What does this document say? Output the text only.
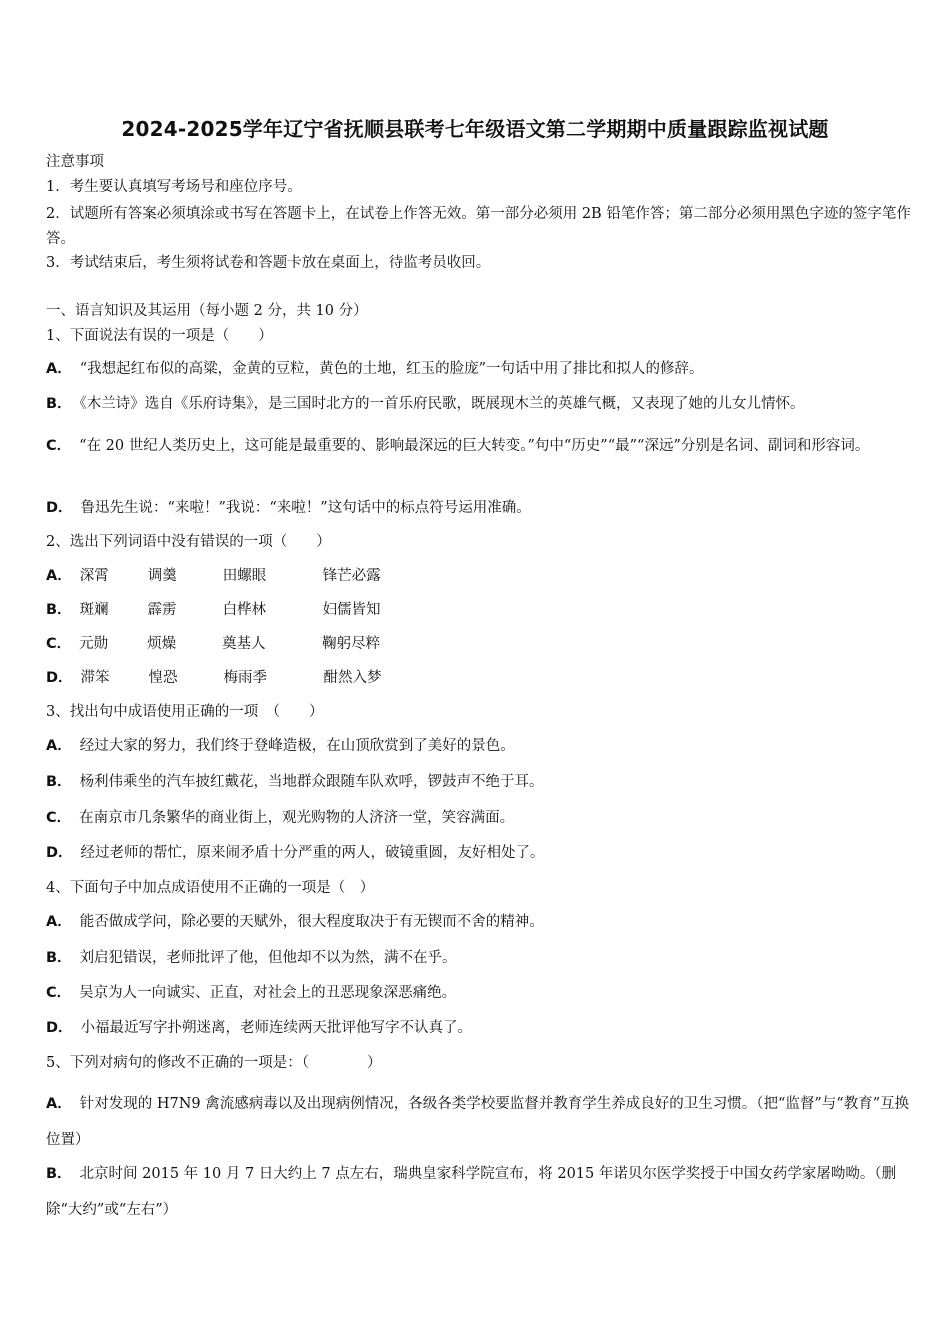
2024-2025学年辽宁省抚顺县联考七年级语文第二学期期中质量跟踪监视试题
注意事项
1．考生要认真填写考场号和座位序号。
2．试题所有答案必须填涂或书写在答题卡上，在试卷上作答无效。第一部分必须用 2B 铅笔作答；第二部分必须用黑色字迹的签字笔作答。
3．考试结束后，考生须将试卷和答题卡放在桌面上，待监考员收回。
一、语言知识及其运用（每小题 2 分，共 10 分）
1、下面说法有误的一项是（　　）
A． “我想起红布似的高粱，金黄的豆粒，黄色的土地，红玉的脸庞”一句话中用了排比和拟人的修辞。
B． 《木兰诗》选自《乐府诗集》，是三国时北方的一首乐府民歌，既展现木兰的英雄气概，又表现了她的儿女儿情怀。
C． “在 20 世纪人类历史上，这可能是最重要的、影响最深远的巨大转变。”句中“历史”“最”“深远”分别是名词、副词和形容词。
D． 鲁迅先生说：“来啦！”我说：“来啦！”这句话中的标点符号运用准确。
2、选出下列词语中没有错误的一项（　　）
A． 深霄	调羹	田螺眼	锋芒必露
B． 斑斓	霹雳	白桦林	妇儒皆知
C． 元勋	烦燥	奠基人	鞠躬尽粹
D． 滞笨	惶恐	梅雨季	酣然入梦
3、找出句中成语使用正确的一项　（　　）
A． 经过大家的努力，我们终于登峰造极，在山顶欣赏到了美好的景色。
B． 杨利伟乘坐的汽车披红戴花，当地群众跟随车队欢呼，锣鼓声不绝于耳。
C． 在南京市几条繁华的商业街上，观光购物的人济济一堂，笑容满面。
D． 经过老师的帮忙，原来闹矛盾十分严重的两人，破镜重圆，友好相处了。
4、下面句子中加点成语使用不正确的一项是（　）
A． 能否做成学问，除必要的天赋外，很大程度取决于有无锲而不舍的精神。
B． 刘启犯错误，老师批评了他，但他却不以为然，满不在乎。
C． 吴京为人一向诚实、正直，对社会上的丑恶现象深恶痛绝。
D． 小福最近写字扑朔迷离，老师连续两天批评他写字不认真了。
5、下列对病句的修改不正确的一项是：（　　　　）
A． 针对发现的 H7N9 禽流感病毒以及出现病例情况，各级各类学校要监督并教育学生养成良好的卫生习惯。（把“监督”与“教育”互换位置）
B． 北京时间 2015 年 10 月 7 日大约上 7 点左右，瑞典皇家科学院宣布，将 2015 年诺贝尔医学奖授于中国女药学家屠呦呦。（删除“大约”或“左右”）
